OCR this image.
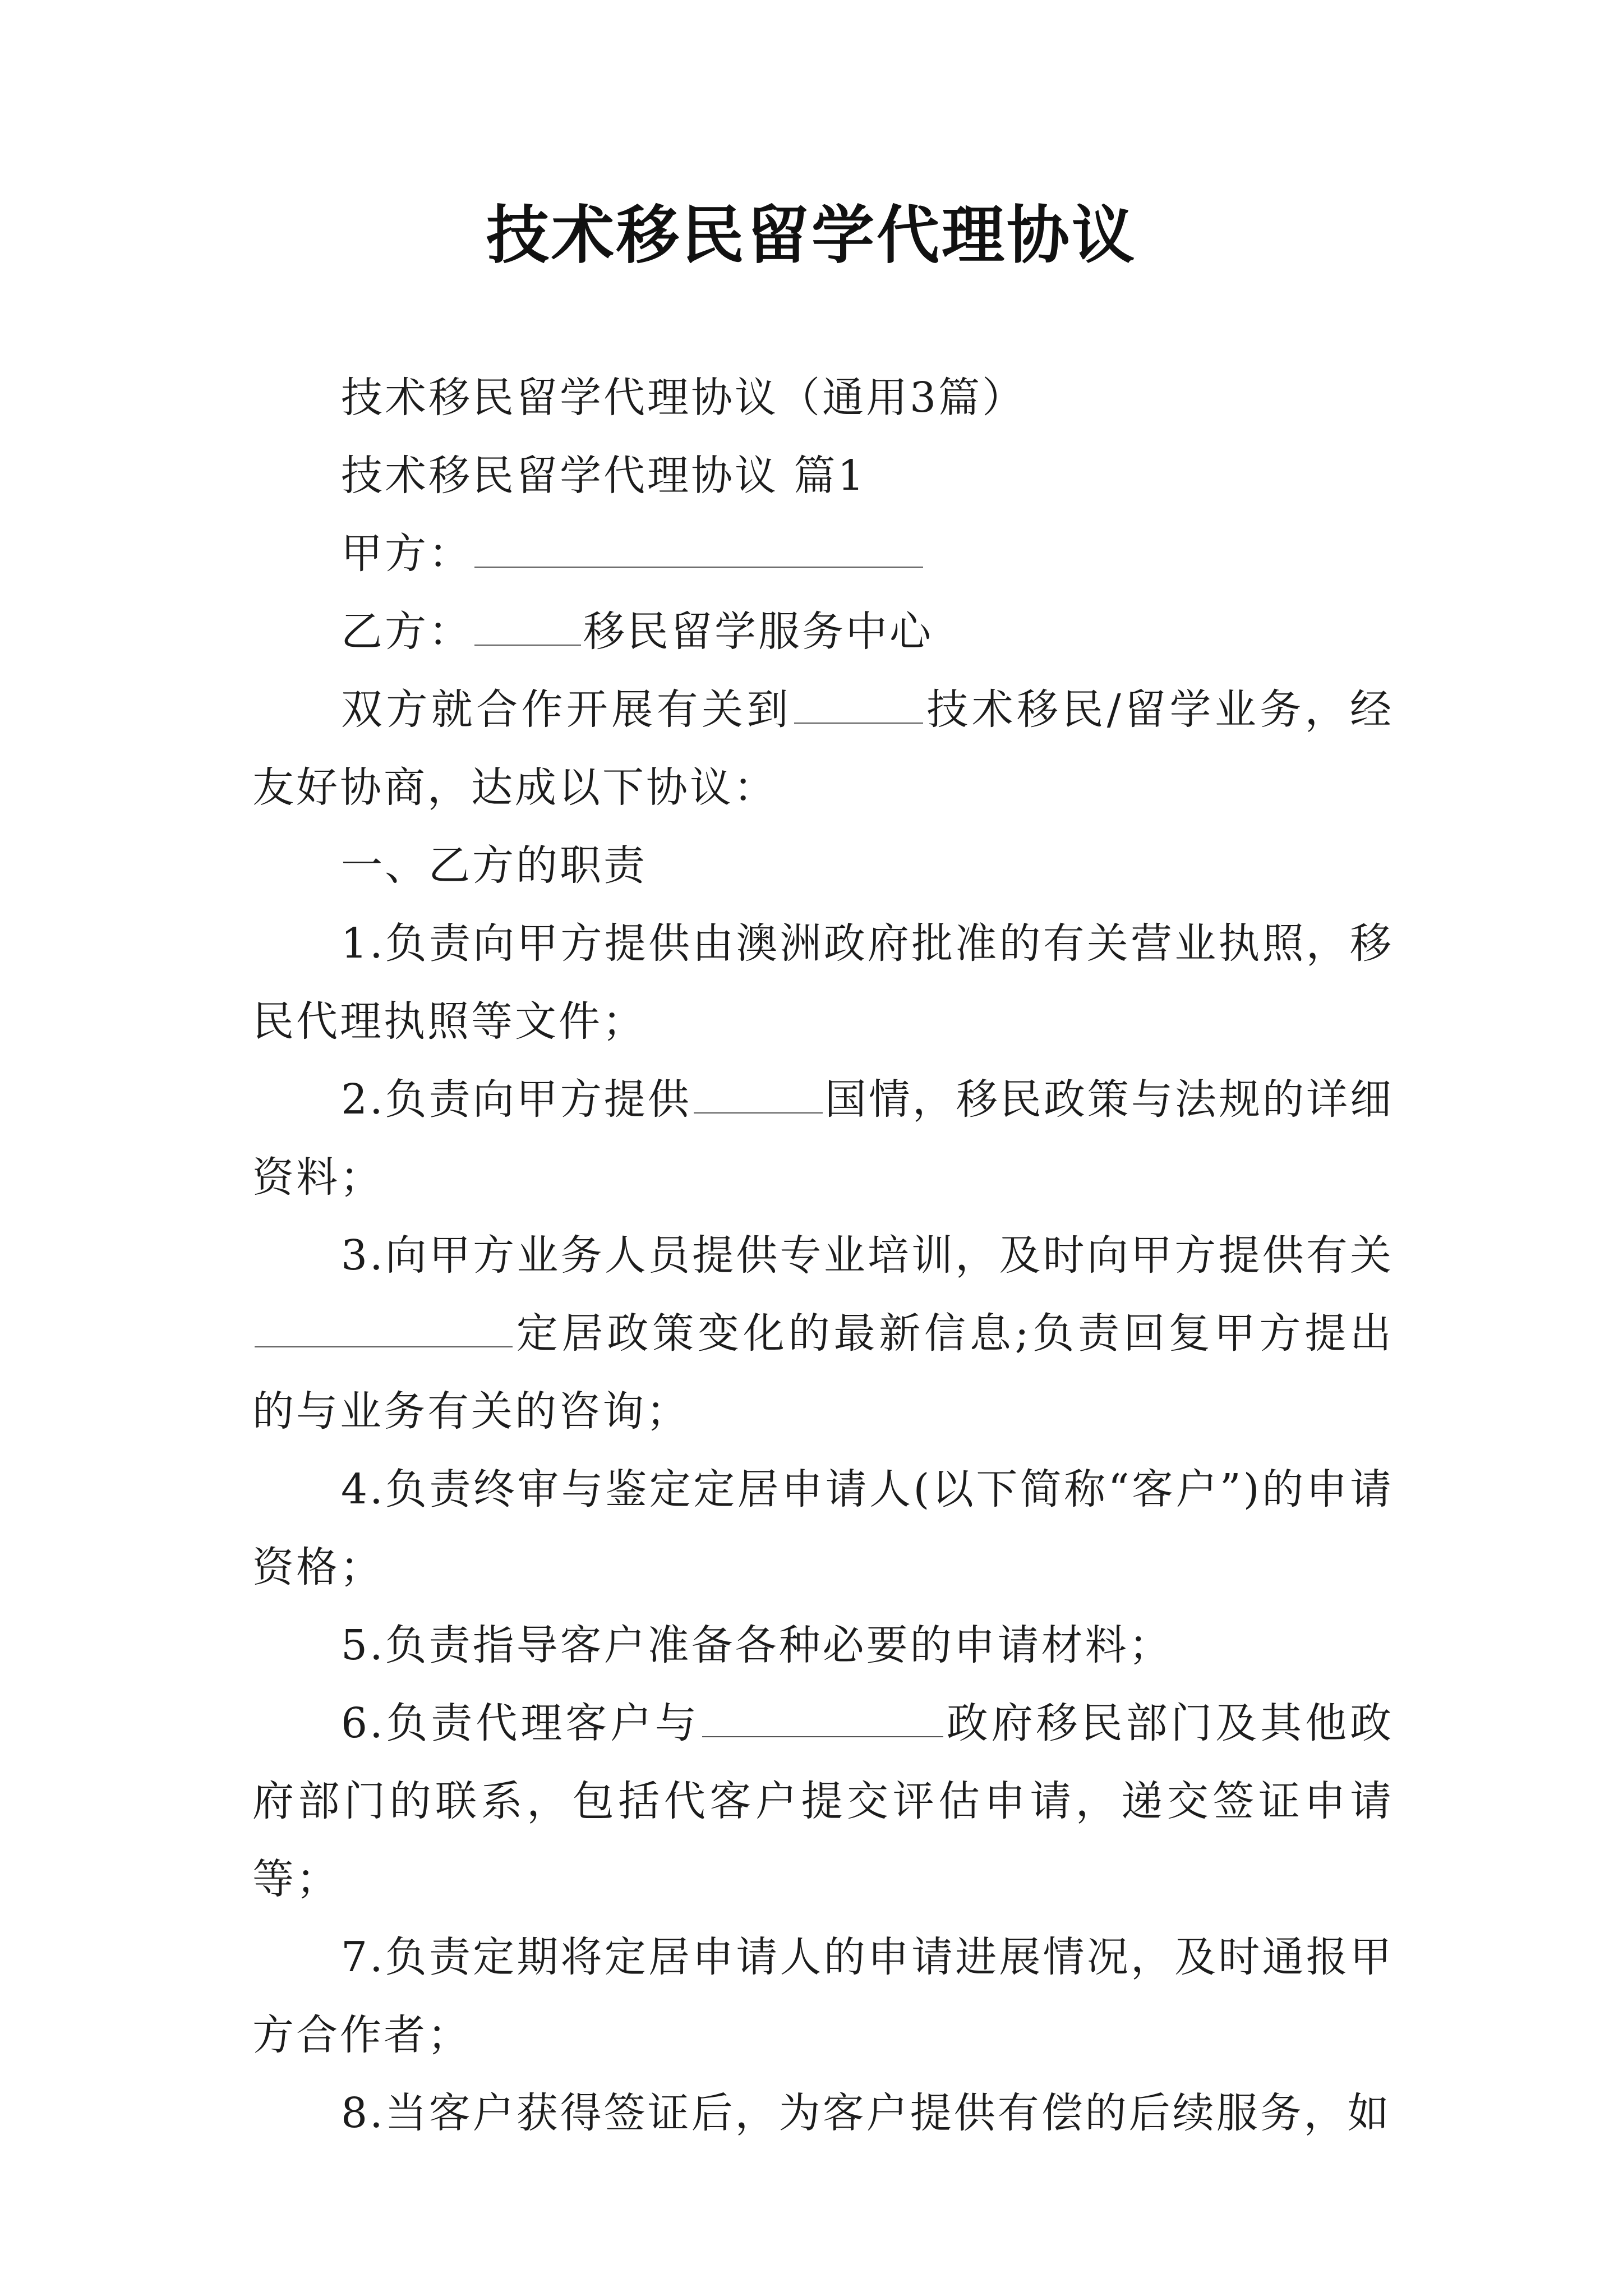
技术移民留学代理协议

技术移民留学代理协议（通用3篇）

技术移民留学代理协议 篇1

甲方：

乙方：	移民留学服务中心

双方就合作开展有关到	技术移民/留学业务，经友好协商，达成以下协议：

一、乙方的职责

1.负责向甲方提供由澳洲政府批准的有关营业执照，移民代理执照等文件；

2.负责向甲方提供	国情，移民政策与法规的详细资料；

3.向甲方业务人员提供专业培训，及时向甲方提供有关定居政策变化的最新信息;负责回复甲方提出的与业务有关的咨询；

4.负责终审与鉴定定居申请人(以下简称“客户”)的申请资格；

5.负责指导客户准备各种必要的申请材料；

6.负责代理客户与	政府移民部门及其他政府部门的联系，包括代客户提交评估申请，递交签证申请等；

7.负责定期将定居申请人的申请进展情况，及时通报甲方合作者；

8.当客户获得签证后，为客户提供有偿的后续服务，如
